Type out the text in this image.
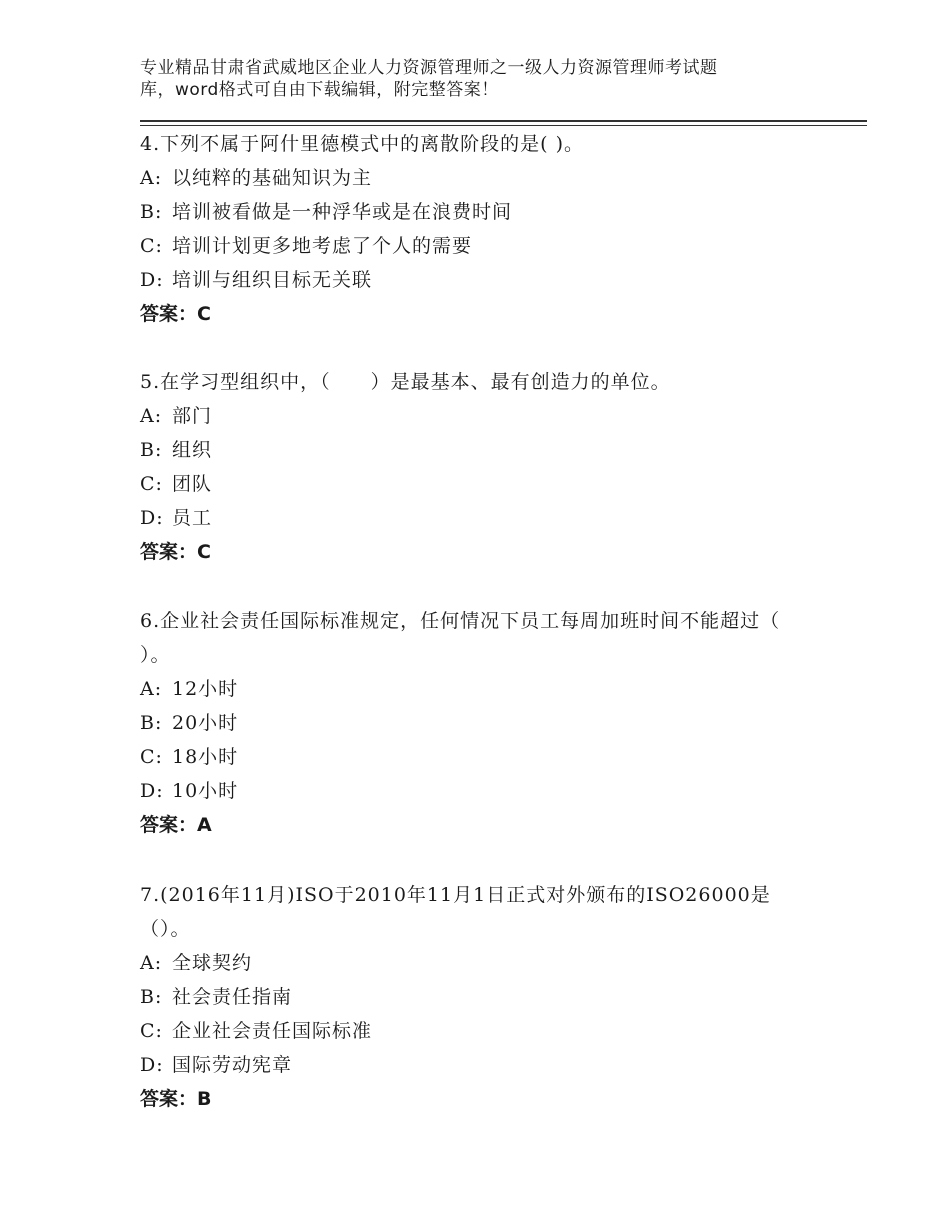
专业精品甘肃省武威地区企业人力资源管理师之一级人力资源管理师考试题
库，word格式可自由下载编辑，附完整答案！

4.下列不属于阿什里德模式中的离散阶段的是( )。

A: 以纯粹的基础知识为主

B: 培训被看做是一种浮华或是在浪费时间

C: 培训计划更多地考虑了个人的需要

D: 培训与组织目标无关联

答案：C

5.在学习型组织中，（　　）是最基本、最有创造力的单位。

A: 部门

B: 组织

C: 团队

D: 员工

答案：C

6.企业社会责任国际标准规定，任何情况下员工每周加班时间不能超过（ ）。

A: 12小时

B: 20小时

C: 18小时

D: 10小时

答案：A

7.(2016年11月)ISO于2010年11月1日正式对外颁布的ISO26000是（）。

A: 全球契约

B: 社会责任指南

C: 企业社会责任国际标准

D: 国际劳动宪章

答案：B
